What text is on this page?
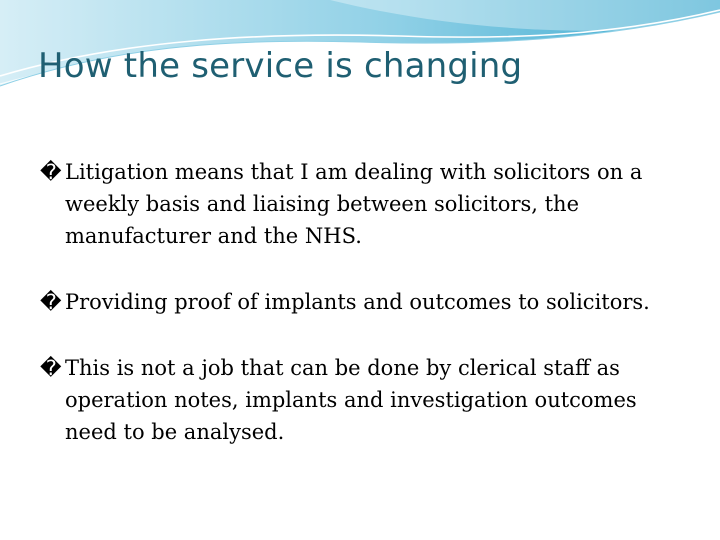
How the service is changing
� Litigation means that I am dealing with solicitors on a weekly basis and liaising between solicitors, the manufacturer and the NHS.
� Providing proof of implants and outcomes to solicitors.
� This is not a job that can be done by clerical staff as operation notes, implants and investigation outcomes need to be analysed.
